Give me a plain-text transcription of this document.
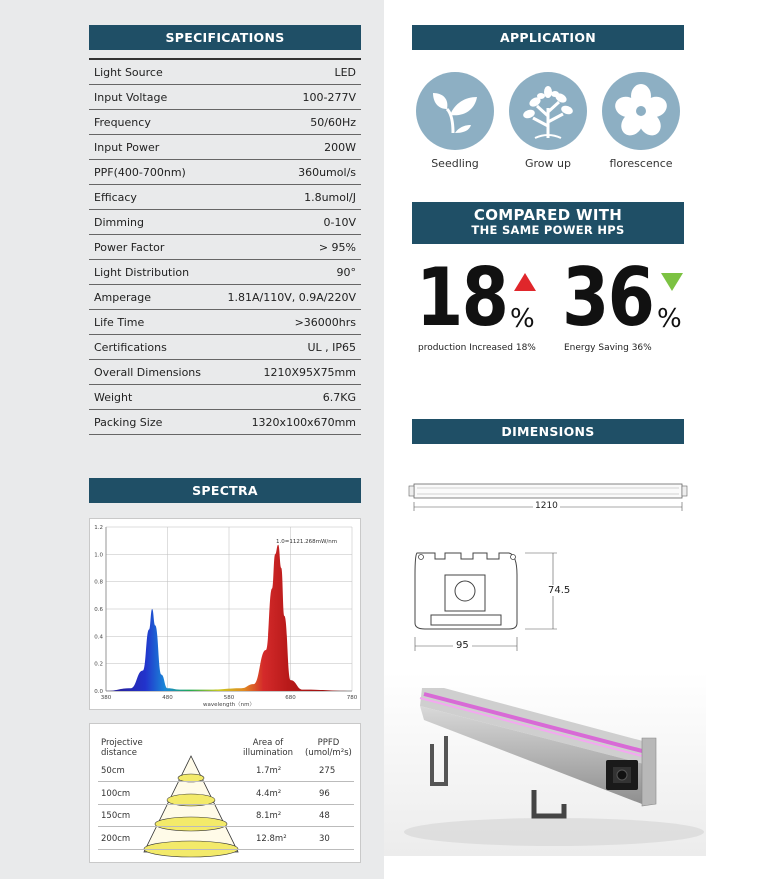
SPECIFICATIONS
Light Source	LED
Input Voltage	100-277V
Frequency	50/60Hz
Input Power	200W
PPF(400-700nm)	360umol/s
Efficacy	1.8umol/J
Dimming	0-10V
Power Factor	> 95%
Light Distribution	90°
Amperage	1.81A/110V, 0.9A/220V
Life Time	>36000hrs
Certifications	UL , IP65
Overall Dimensions	1210X95X75mm
Weight	6.7KG
Packing Size	1320x100x670mm
SPECTRA
1.2
1.0
0.8
0.6
0.4
0.2
0.0
380	480	580	680	780
1.0=1121.268mW/nm
wavelength（nm）
Projective
distance
Area of
illumination
PPFD
(umol/m²s)
50cm	1.7m²	275
100cm	4.4m²	96
150cm	8.1m²	48
200cm	12.8m²	30
APPLICATION
Seedling	Grow up	florescence
COMPARED WITH
THE SAME POWER HPS
18 %
production Increased 18%
36 %
Energy Saving 36%
DIMENSIONS
1210
74.5
95
